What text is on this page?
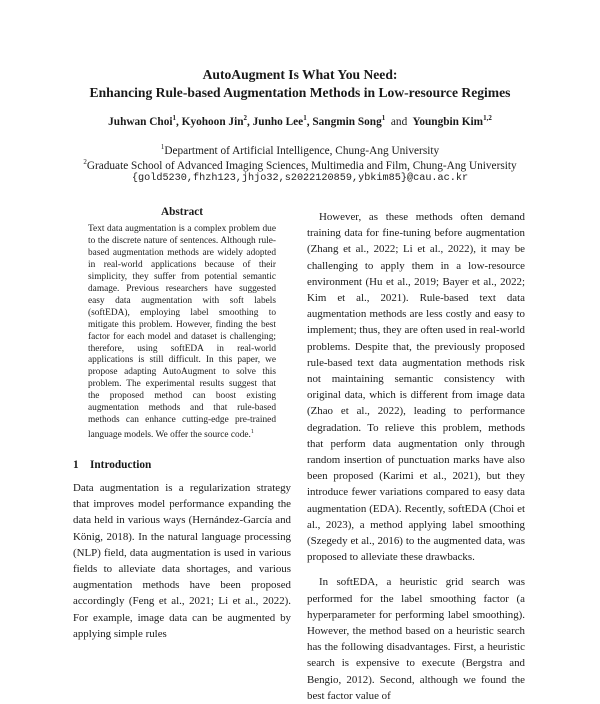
AutoAugment Is What You Need:
Enhancing Rule-based Augmentation Methods in Low-resource Regimes
Juhwan Choi$^1$, Kyohoon Jin$^2$, Junho Lee$^1$, Sangmin Song$^1$ and Youngbin Kim$^{1,2}$
$^1$Department of Artificial Intelligence, Chung-Ang University
$^2$Graduate School of Advanced Imaging Sciences, Multimedia and Film, Chung-Ang University
{gold5230,fhzh123,jhjo32,s2022120859,ybkim85}@cau.ac.kr
Abstract
Text data augmentation is a complex problem due to the discrete nature of sentences. Although rule-based augmentation methods are widely adopted in real-world applications because of their simplicity, they suffer from potential semantic damage. Previous researchers have suggested easy data augmentation with soft labels (softEDA), employing label smoothing to mitigate this problem. However, finding the best factor for each model and dataset is challenging; therefore, using softEDA in real-world applications is still difficult. In this paper, we propose adapting AutoAugment to solve this problem. The experimental results suggest that the proposed method can boost existing augmentation methods and that rule-based methods can enhance cutting-edge pre-trained language models. We offer the source code.$^1$
1 Introduction

Data augmentation is a regularization strategy that improves model performance expanding the data held in various ways (Hernández-García and König, 2018). In the natural language processing (NLP) field, data augmentation is used in various fields to alleviate data shortages, and various augmentation methods have been proposed accordingly (Feng et al., 2021; Li et al., 2022). For example, image data can be augmented by applying simple rules

However, as these methods often demand training data for fine-tuning before augmentation (Zhang et al., 2022; Li et al., 2022), it may be challenging to apply them in a low-resource environment (Hu et al., 2019; Bayer et al., 2022; Kim et al., 2021). Rule-based text data augmentation methods are less costly and easy to implement; thus, they are often used in real-world problems. Despite that, the previously proposed rule-based text data augmentation methods risk not maintaining semantic consistency with original data, which is different from image data (Zhao et al., 2022), leading to performance degradation. To relieve this problem, methods that perform data augmentation only through random insertion of punctuation marks have also been proposed (Karimi et al., 2021), but they introduce fewer variations compared to easy data augmentation (EDA). Recently, softEDA (Choi et al., 2023), a method applying label smoothing (Szegedy et al., 2016) to the augmented data, was proposed to alleviate these drawbacks.

In softEDA, a heuristic grid search was performed for the label smoothing factor (a hyperparameter for performing label smoothing). However, the method based on a heuristic search has the following disadvantages. First, a heuristic search is expensive to execute (Bergstra and Bengio, 2012). Second, although we found the best factor value of
